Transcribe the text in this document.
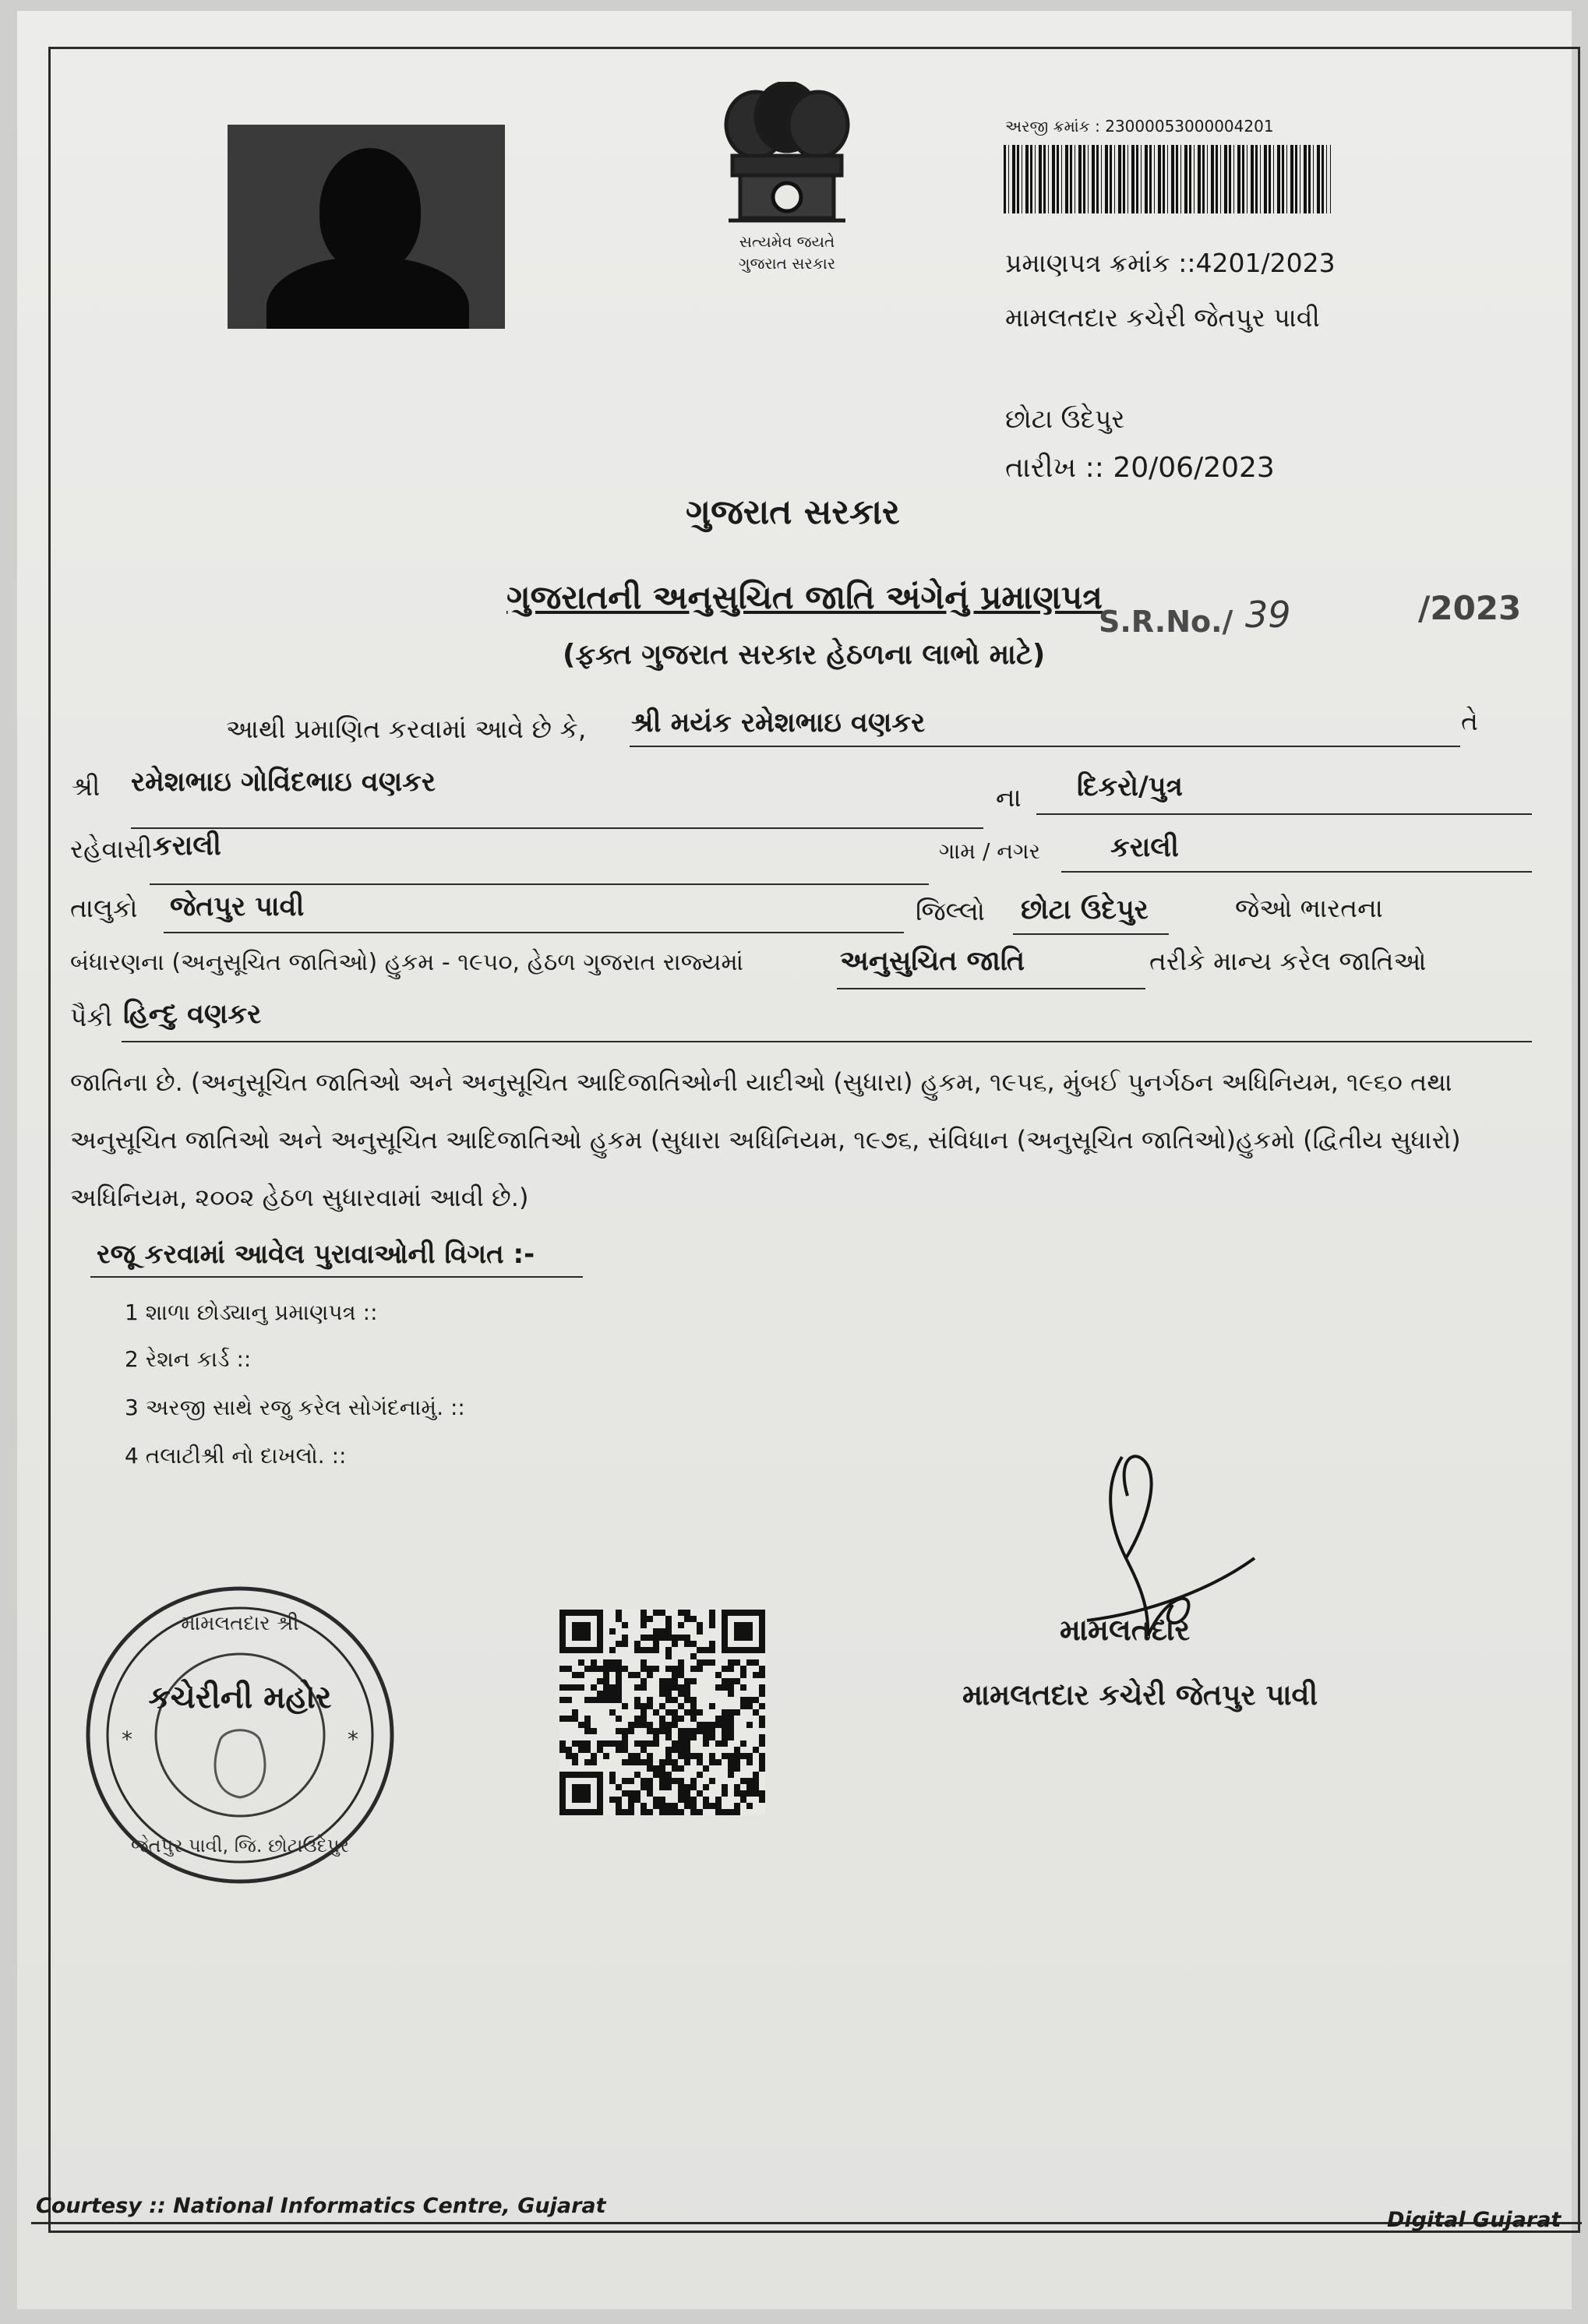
સત્યમેવ જયતે
ગુજરાત સરકાર
અરજી ક્રમાંક : 23000053000004201
પ્રમાણપત્ર ક્રમાંક ::4201/2023
મામલતદાર કચેરી જેતપુર પાવી
છોટા ઉદેપુર
તારીખ :: 20/06/2023
ગુજરાત સરકાર
ગુજરાતની અનુસુચિત જાતિ અંગેનું પ્રમાણપત્ર
S.R.No./ 39	/2023
(ફક્ત ગુજરાત સરકાર હેઠળના લાભો માટે)
આથી પ્રમાણિત કરવામાં આવે છે કે, શ્રી મયંક રમેશભાઇ વણકર	તે
શ્રી રમેશભાઇ ગોવિંદભાઇ વણકર	ના દિકરો/પુત્ર
રહેવાસી કરાલી	ગામ / નગર	કરાલી
તાલુકો જેતપુર પાવી	જિલ્લો છોટા ઉદેપુર	જેઓ ભારતના
બંધારણના (અનુસૂચિત જાતિઓ) હુકમ - ૧૯૫૦, હેઠળ ગુજરાત રાજ્યમાં	અનુસુચિત જાતિ	તરીકે માન્ય કરેલ જાતિઓ
પૈકી હિન્દુ વણકર
જાતિના છે. (અનુસૂચિત જાતિઓ અને અનુસૂચિત આદિજાતિઓની યાદીઓ (સુધારા) હુકમ, ૧૯૫૬, મુંબઈ પુનર્ગઠન અધિનિયમ, ૧૯૬૦ તથા
અનુસૂચિત જાતિઓ અને અનુસૂચિત આદિજાતિઓ હુકમ (સુધારા અધિનિયમ, ૧૯૭૬, સંવિધાન (અનુસૂચિત જાતિઓ)હુકમો (દ્વિતીય સુધારો)
અધિનિયમ, ૨૦૦૨ હેઠળ સુધારવામાં આવી છે.)
રજૂ કરવામાં આવેલ પુરાવાઓની વિગત :-
1 શાળા છોડ્યાનુ પ્રમાણપત્ર ::
2 રેશન કાર્ડ ::
3 અરજી સાથે રજુ કરેલ સોગંદનામું. ::
4 તલાટીશ્રી નો દાખલો. ::
મામલતદાર
મામલતદાર કચેરી જેતપુર પાવી
મામલતદાર શ્રી
કચેરીની મહોર
જેતપુર પાવી, જિ. છોટાઉદેપુર
*	*
Courtesy :: National Informatics Centre, Gujarat
Digital Gujarat
